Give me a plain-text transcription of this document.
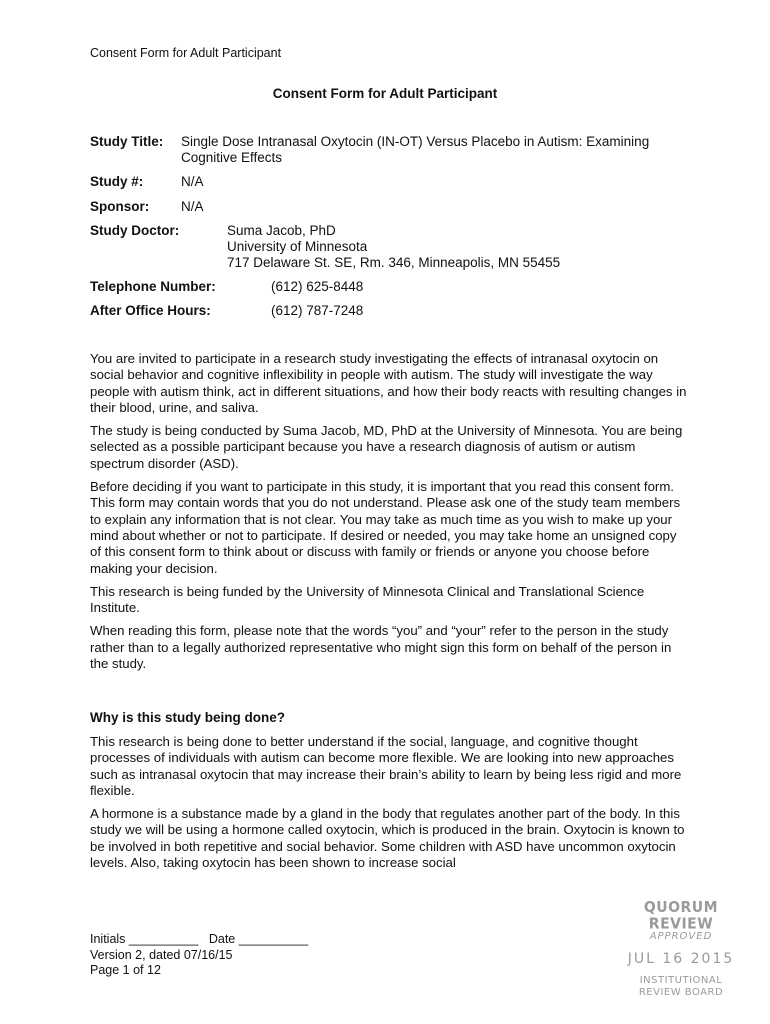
Consent Form for Adult Participant
Consent Form for Adult Participant
Study Title: Single Dose Intranasal Oxytocin (IN-OT) Versus Placebo in Autism: Examining
Cognitive Effects
Study #:	N/A
Sponsor: N/A
Study Doctor:	Suma Jacob, PhD
University of Minnesota
717 Delaware St. SE, Rm. 346, Minneapolis, MN 55455
Telephone Number:	(612) 625-8448
After Office Hours:	(612) 787-7248

You are invited to participate in a research study investigating the effects of intranasal oxytocin on social behavior and cognitive inflexibility in people with autism. The study will investigate the way people with autism think, act in different situations, and how their body reacts with resulting changes in their blood, urine, and saliva.

The study is being conducted by Suma Jacob, MD, PhD at the University of Minnesota. You are being selected as a possible participant because you have a research diagnosis of autism or autism spectrum disorder (ASD).

Before deciding if you want to participate in this study, it is important that you read this consent form. This form may contain words that you do not understand. Please ask one of the study team members to explain any information that is not clear. You may take as much time as you wish to make up your mind about whether or not to participate. If desired or needed, you may take home an unsigned copy of this consent form to think about or discuss with family or friends or anyone you choose before making your decision.

This research is being funded by the University of Minnesota Clinical and Translational Science Institute.

When reading this form, please note that the words “you” and “your” refer to the person in the study rather than to a legally authorized representative who might sign this form on behalf of the person in the study.

Why is this study being done?

This research is being done to better understand if the social, language, and cognitive thought processes of individuals with autism can become more flexible. We are looking into new approaches such as intranasal oxytocin that may increase their brain’s ability to learn by being less rigid and more flexible.

A hormone is a substance made by a gland in the body that regulates another part of the body. In this study we will be using a hormone called oxytocin, which is produced in the brain. Oxytocin is known to be involved in both repetitive and social behavior. Some children with ASD have uncommon oxytocin levels. Also, taking oxytocin has been shown to increase social

Initials __________   Date __________
Version 2, dated 07/16/15
Page 1 of 12
QUORUM REVIEW
APPROVED
JUL 16 2015
INSTITUTIONAL
REVIEW BOARD
